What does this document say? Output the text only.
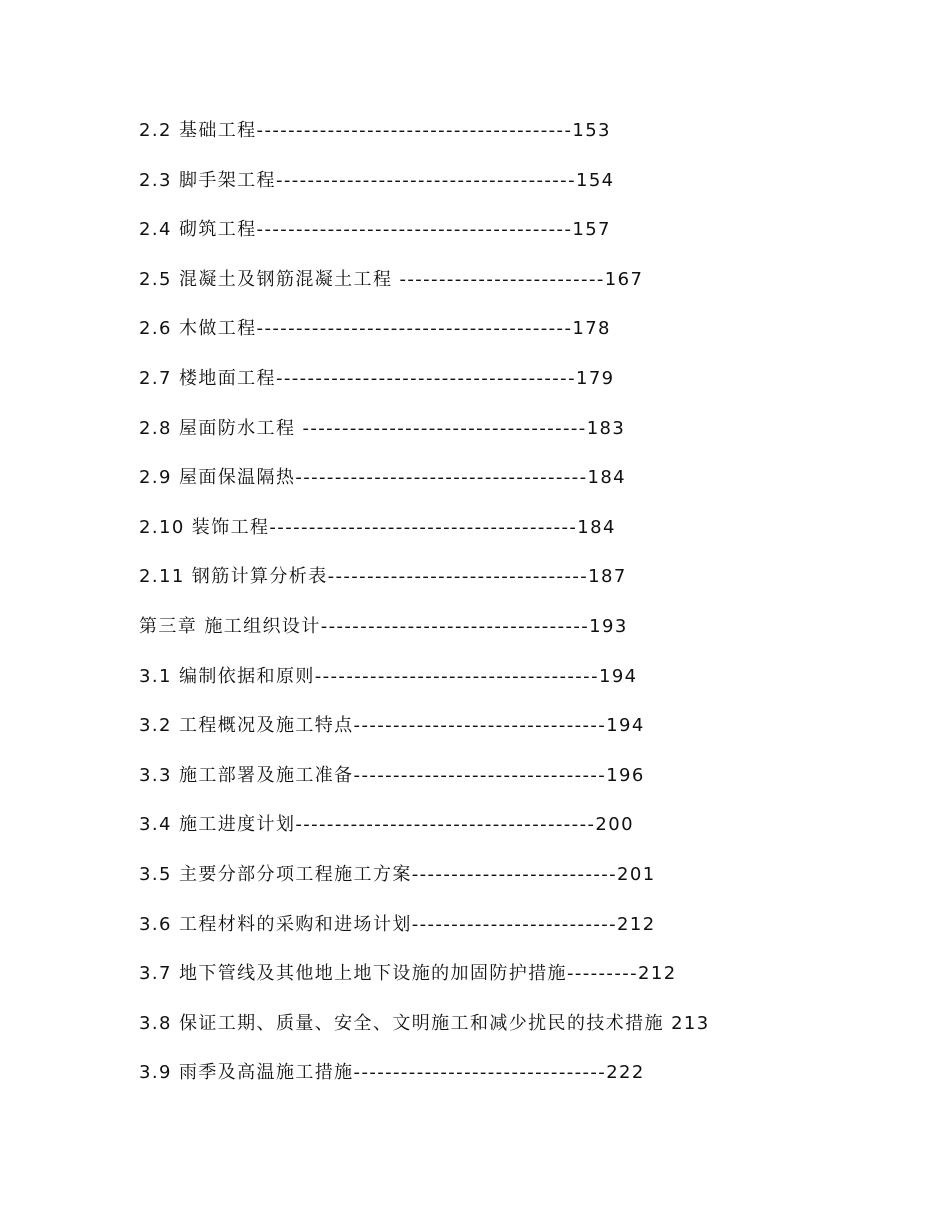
2.2 基础工程----------------------------------------153
2.3 脚手架工程--------------------------------------154
2.4 砌筑工程----------------------------------------157
2.5 混凝土及钢筋混凝土工程 --------------------------167
2.6 木做工程----------------------------------------178
2.7 楼地面工程--------------------------------------179
2.8 屋面防水工程 ------------------------------------183
2.9 屋面保温隔热-------------------------------------184
2.10 装饰工程---------------------------------------184
2.11 钢筋计算分析表---------------------------------187
第三章 施工组织设计----------------------------------193
3.1 编制依据和原则------------------------------------194
3.2 工程概况及施工特点--------------------------------194
3.3 施工部署及施工准备--------------------------------196
3.4 施工进度计划--------------------------------------200
3.5 主要分部分项工程施工方案--------------------------201
3.6 工程材料的采购和进场计划--------------------------212
3.7 地下管线及其他地上地下设施的加固防护措施---------212
3.8 保证工期、质量、安全、文明施工和减少扰民的技术措施 213
3.9 雨季及高温施工措施--------------------------------222
